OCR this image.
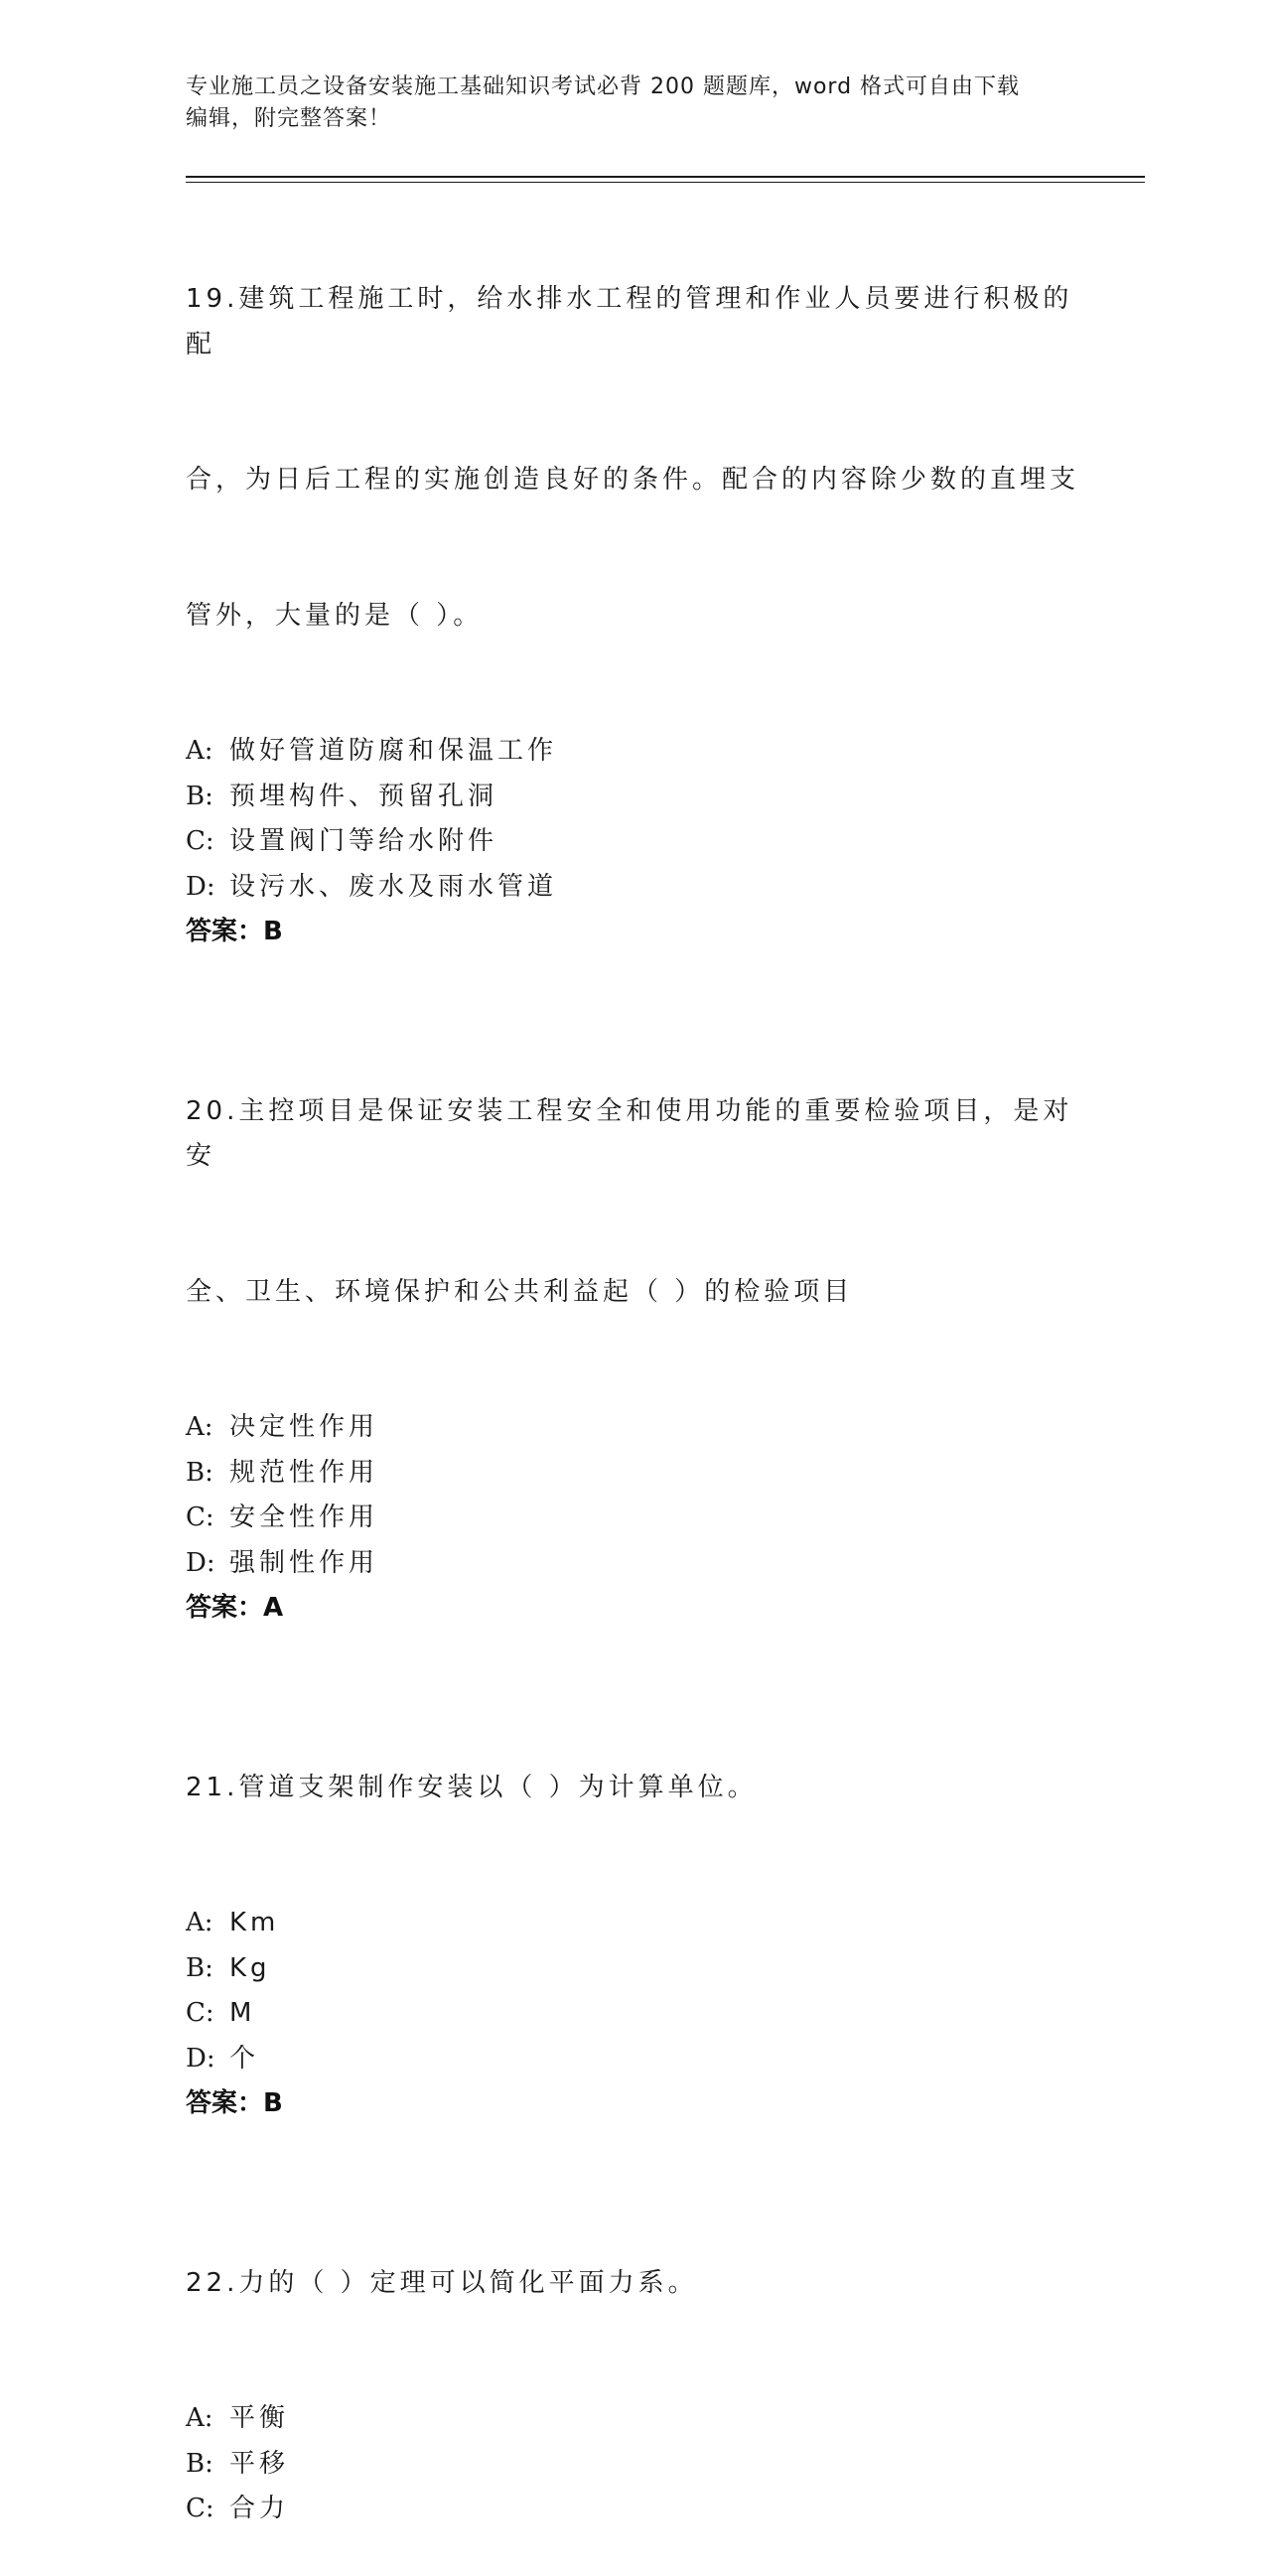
专业施工员之设备安装施工基础知识考试必背 200 题题库，word 格式可自由下载
编辑，附完整答案！

19.建筑工程施工时，给水排水工程的管理和作业人员要进行积极的配

合，为日后工程的实施创造良好的条件。配合的内容除少数的直埋支

管外，大量的是（ ）。

A: 做好管道防腐和保温工作
B: 预埋构件、预留孔洞
C: 设置阀门等给水附件
D: 设污水、废水及雨水管道
答案：B

20.主控项目是保证安装工程安全和使用功能的重要检验项目，是对安

全、卫生、环境保护和公共利益起（ ）的检验项目

A: 决定性作用
B: 规范性作用
C: 安全性作用
D: 强制性作用
答案：A

21.管道支架制作安装以（ ）为计算单位。

A: Km
B: Kg
C: M
D: 个
答案：B

22.力的（ ）定理可以简化平面力系。

A: 平衡
B: 平移
C: 合力
